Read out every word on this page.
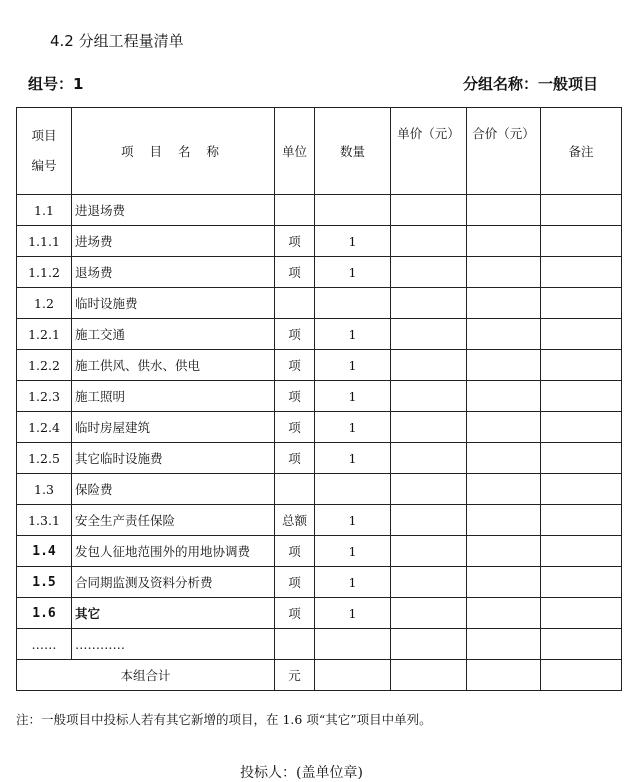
4.2 分组工程量清单
组号：1	分组名称：一般项目
项目
编号	项 目 名 称	单位	数量	单价（元）	合价（元）	备注
1.1	进退场费					
1.1.1	进场费	项	1			
1.1.2	退场费	项	1			
1.2	临时设施费					
1.2.1	施工交通	项	1			
1.2.2	施工供风、供水、供电	项	1			
1.2.3	施工照明	项	1			
1.2.4	临时房屋建筑	项	1			
1.2.5	其它临时设施费	项	1			
1.3	保险费					
1.3.1	安全生产责任保险	总额	1			
1.4	发包人征地范围外的用地协调费	项	1			
1.5	合同期监测及资料分析费	项	1			
1.6	其它	项	1			
……	…………					
本组合计		元				
注：一般项目中投标人若有其它新增的项目，在 1.6 项“其它”项目中单列。
投标人：(盖单位章)
